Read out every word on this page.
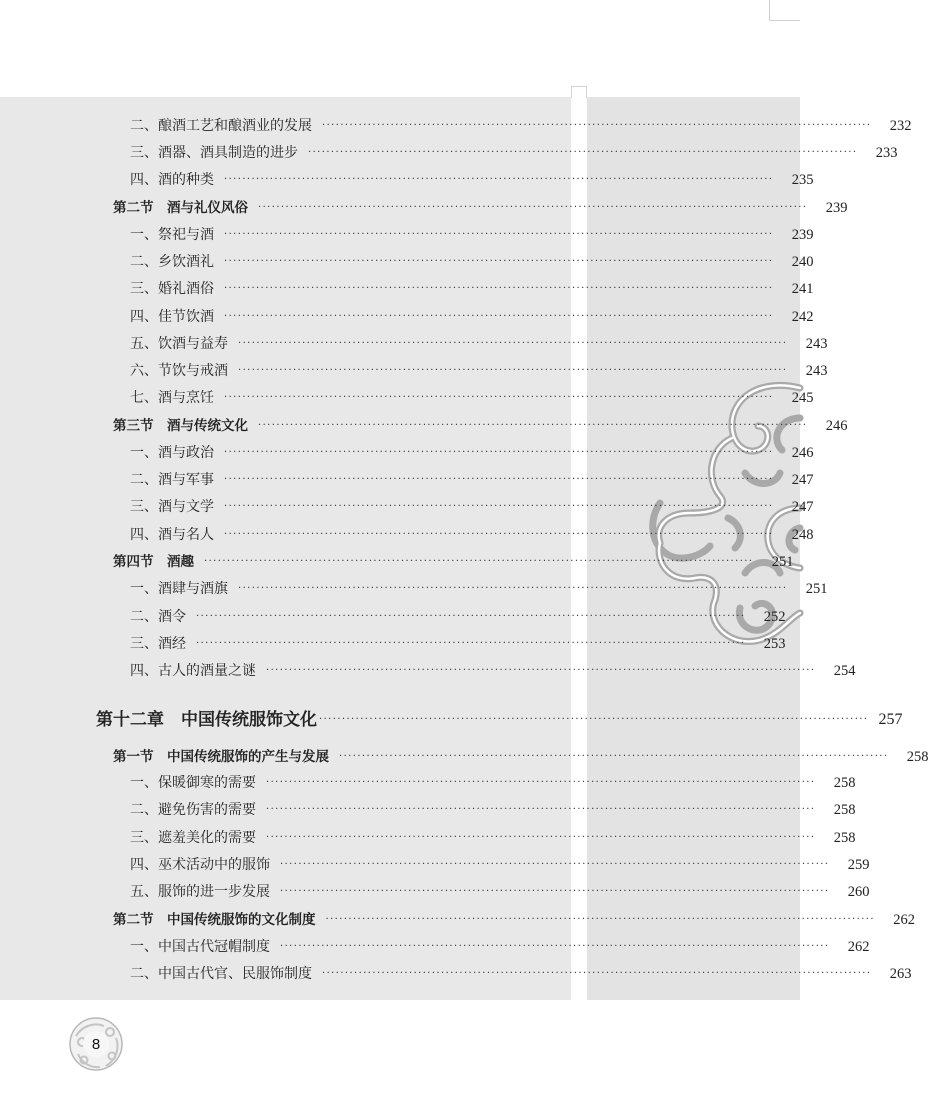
二、酿酒工艺和酿酒业的发展 ························································································································	232
三、酒器、酒具制造的进步 ························································································································	233
四、酒的种类 ························································································································	235
第二节　酒与礼仪风俗 ························································································································	239
一、祭祀与酒 ························································································································	239
二、乡饮酒礼 ························································································································	240
三、婚礼酒俗 ························································································································	241
四、佳节饮酒 ························································································································	242
五、饮酒与益寿 ························································································································	243
六、节饮与戒酒 ························································································································	243
七、酒与烹饪 ························································································································	245
第三节　酒与传统文化 ························································································································	246
一、酒与政治 ························································································································	246
二、酒与军事 ························································································································	247
三、酒与文学 ························································································································	247
四、酒与名人 ························································································································	248
第四节　酒趣 ························································································································	251
一、酒肆与酒旗 ························································································································	251
二、酒令 ························································································································	252
三、酒经 ························································································································	253
四、古人的酒量之谜 ························································································································	254
第十二章　中国传统服饰文化 ························································································································ 257
第一节　中国传统服饰的产生与发展 ························································································································	258
一、保暖御寒的需要 ························································································································	258
二、避免伤害的需要 ························································································································	258
三、遮羞美化的需要 ························································································································	258
四、巫术活动中的服饰 ························································································································	259
五、服饰的进一步发展 ························································································································	260
第二节　中国传统服饰的文化制度 ························································································································	262
一、中国古代冠帽制度 ························································································································	262
二、中国古代官、民服饰制度 ························································································································	263
8
